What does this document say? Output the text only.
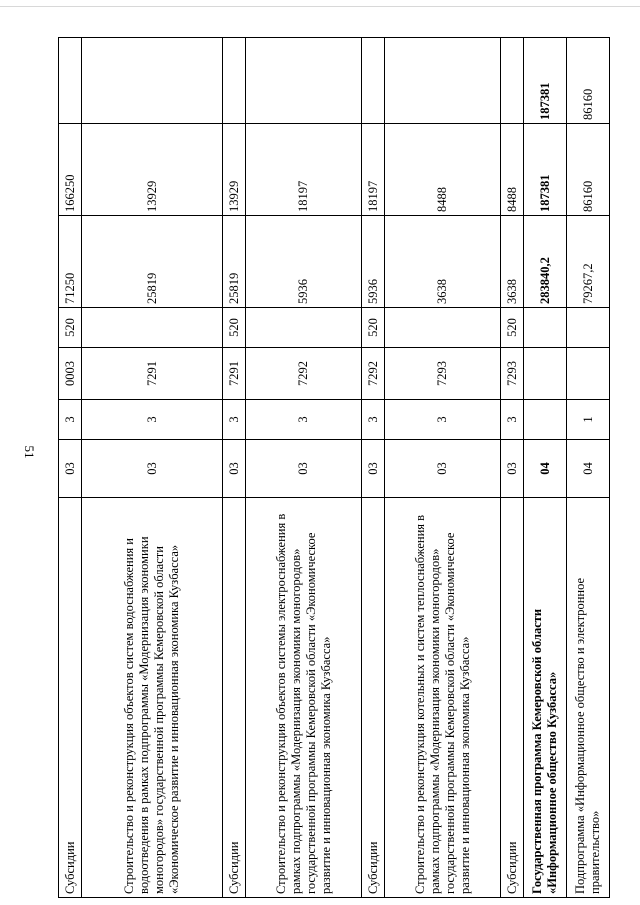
51
Субсидии	03	3	0003	520	71250	166250	
Строительство и реконструкция объектов систем водоснабжения и водоотведения в рамках подпрограммы «Модернизация экономики моногородов» государственной программы Кемеровской области «Экономическое развитие и инновационная экономика Кузбасса»	03	3	7291		25819	13929	
Субсидии	03	3	7291	520	25819	13929	
Строительство и реконструкция объектов системы электроснабжения в рамках подпрограммы «Модернизация экономики моногородов» государственной программы Кемеровской области «Экономическое развитие и инновационная экономика Кузбасса»	03	3	7292		5936	18197	
Субсидии	03	3	7292	520	5936	18197	
Строительство и реконструкция котельных и систем теплоснабжения в рамках подпрограммы «Модернизация экономики моногородов» государственной программы Кемеровской области «Экономическое развитие и инновационная экономика Кузбасса»	03	3	7293		3638	8488	
Субсидии	03	3	7293	520	3638	8488	
Государственная программа Кемеровской области «Информационное общество Кузбасса»	04				283840,2	187381	187381
Подпрограмма «Информационное общество и электронное правительство»	04	1			79267,2	86160	86160
